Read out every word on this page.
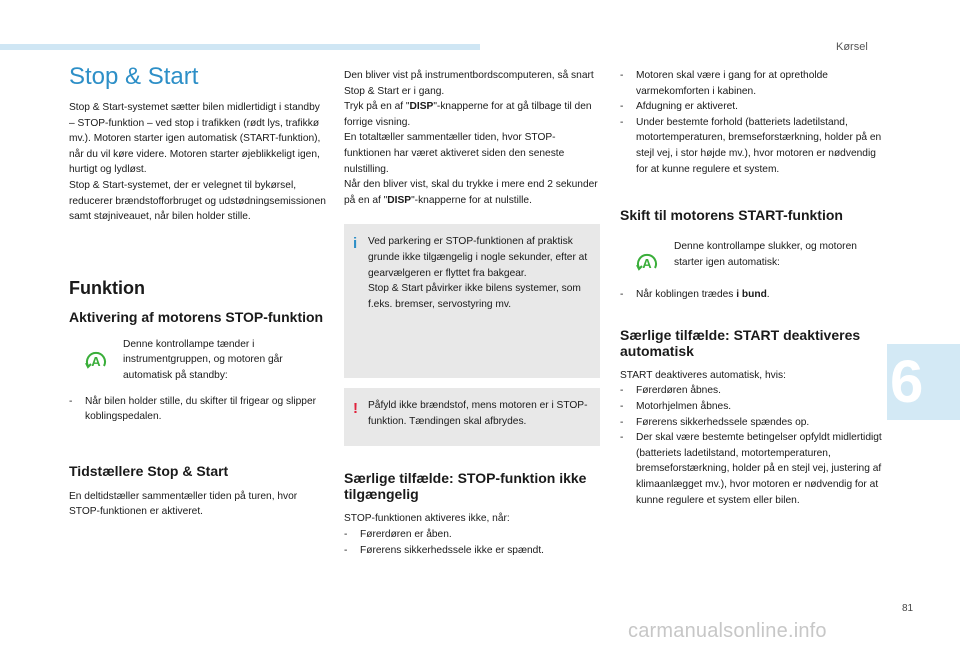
Kørsel
6
Stop & Start

Stop & Start-systemet sætter bilen midlertidigt i standby – STOP-funktion – ved stop i trafikken (rødt lys, trafikkø mv.). Motoren starter igen automatisk (START-funktion), når du vil køre videre. Motoren starter øjeblikkeligt igen, hurtigt og lydløst.

Stop & Start-systemet, der er velegnet til bykørsel, reducerer brændstofforbruget og udstødningsemissionen samt støjniveauet, når bilen holder stille.

Funktion
Aktivering af motorens STOP-funktion
A

Denne kontrollampe tænder i instrumentgruppen, og motoren går automatisk på standby:

-	Når bilen holder stille, du skifter til frigear og slipper koblingspedalen.
Tidstællere Stop & Start

En deltidstæller sammentæller tiden på turen, hvor STOP-funktionen er aktiveret.

Den bliver vist på instrumentbordscomputeren, så snart Stop & Start er i gang.

Tryk på en af "DISP"-knapperne for at gå tilbage til den forrige visning.

En totaltæller sammentæller tiden, hvor STOP-funktionen har været aktiveret siden den seneste nulstilling.

Når den bliver vist, skal du trykke i mere end 2 sekunder på en af "DISP"-knapperne for at nulstille.

i Ved parkering er STOP-funktionen af praktisk grunde ikke tilgængelig i nogle sekunder, efter at gearvælgeren er flyttet fra bakgear.

Stop & Start påvirker ikke bilens systemer, som f.eks. bremser, servostyring mv.

! Påfyld ikke brændstof, mens motoren er i STOP-funktion. Tændingen skal afbrydes.

Særlige tilfælde: STOP-funktion ikke tilgængelig

STOP-funktionen aktiveres ikke, når:

-	Førerdøren er åben.
-	Førerens sikkerhedssele ikke er spændt.
-	Motoren skal være i gang for at opretholde varmekomforten i kabinen.
-	Afdugning er aktiveret.
-	Under bestemte forhold (batteriets ladetilstand, motortemperaturen, bremseforstærkning, holder på en stejl vej, i stor højde mv.), hvor motoren er nødvendig for at kunne regulere et system.
Skift til motorens START-funktion
A

Denne kontrollampe slukker, og motoren starter igen automatisk:

-	Når koblingen trædes i bund.
Særlige tilfælde: START deaktiveres automatisk

START deaktiveres automatisk, hvis:

-	Førerdøren åbnes.
-	Motorhjelmen åbnes.
-	Førerens sikkerhedssele spændes op.
-	Der skal være bestemte betingelser opfyldt midlertidigt (batteriets ladetilstand, motortemperaturen, bremseforstærkning, holder på en stejl vej, justering af klimaanlægget mv.), hvor motoren er nødvendig for at kunne regulere et system eller bilen.
81
carmanualsonline.info
